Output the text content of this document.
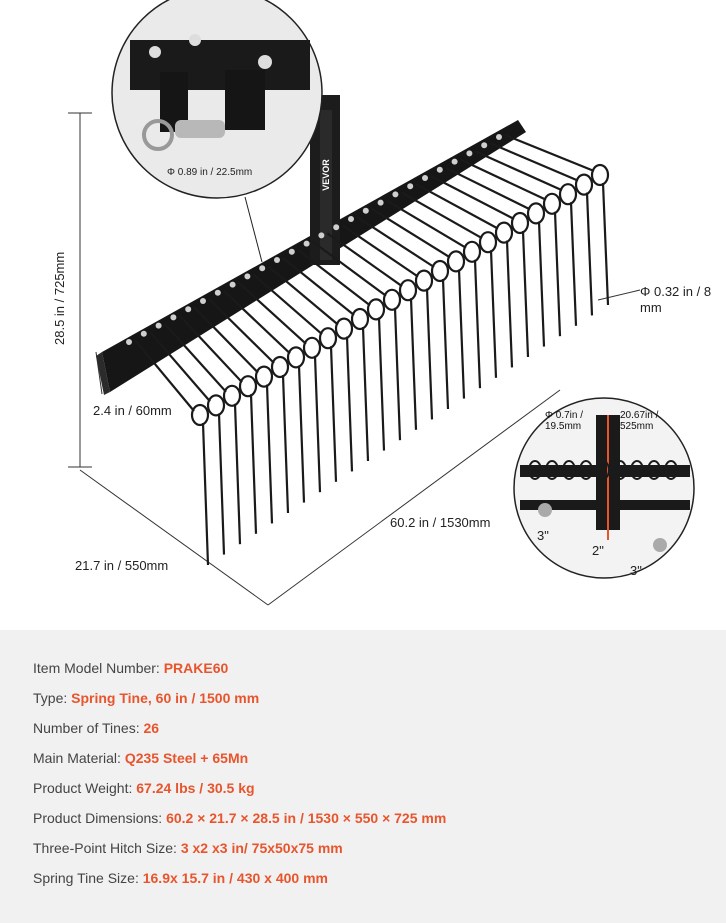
28.5 in / 725mm
Φ 0.89 in / 22.5mm
Φ 0.32 in / 8 mm
2.4 in / 60mm
60.2 in / 1530mm
21.7 in / 550mm
Φ 0.7in / 19.5mm
20.67in / 525mm
3"
2"
3"
VEVOR
Item Model Number: PRAKE60
Type: Spring Tine, 60 in / 1500 mm
Number of Tines: 26
Main Material: Q235 Steel + 65Mn
Product Weight: 67.24 lbs / 30.5 kg
Product Dimensions: 60.2 × 21.7 × 28.5 in / 1530 × 550 × 725 mm
Three-Point Hitch Size: 3 x2 x3 in/ 75x50x75 mm
Spring Tine Size: 16.9x 15.7 in / 430 x 400 mm
